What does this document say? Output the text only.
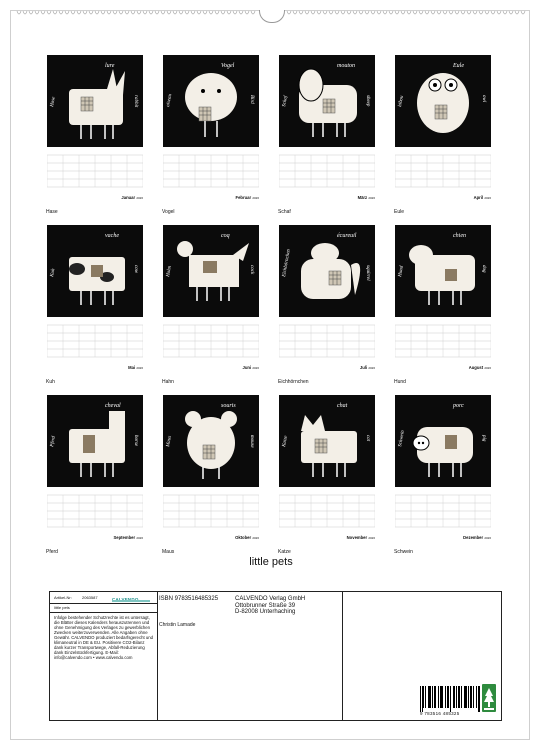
lure
Hase	rabbit
Januar 2026
Hase
Vogel
oiseau	Bird
Februar 2026
Vogel
mouton
Schaf	sheep
März 2026
Schaf
Eule
hibou	owl
April 2026
Eule
vache
Kuh	cow
Mai 2026
Kuh
coq
Hahn	cock
Juni 2026
Hahn
écureuil
Eichhörnchen	squirrel
Juli 2026
Eichhörnchen
chien
Hund	dog
August 2026
Hund
cheval
Pferd	horse
September 2026
Pferd
souris
Maus	mouse
Oktober 2026
Maus
chat
Katze	cat
November 2026
Katze
porc
Schwein	pig
Dezember 2026
Schwein
little pets
Artikel-Nr:	2063587
little pets
Infolge bestehender Schutzrechte ist es untersagt, die Blätter dieses Kalenders herauszutrennen und ohne Genehmigung des Verlages zu gewerblichen Zwecken weiterzuverwenden. Alle Angaben ohne Gewähr. CALVENDO produziert bedarfsgerecht und klimaneutral in DE & EU. Positivere CO2-Bilanz dank kurzer Transportwege, Abfall-Reduzierung dank Einzelstückfertigung. E-Mail: info@calvendo.com • www.calvendo.com
ISBN 9783516485325
Christin Lamade
CALVENDO Verlag GmbH
Ottobrunner Straße 39
D-82008 Unterhaching
9 783516 485325
